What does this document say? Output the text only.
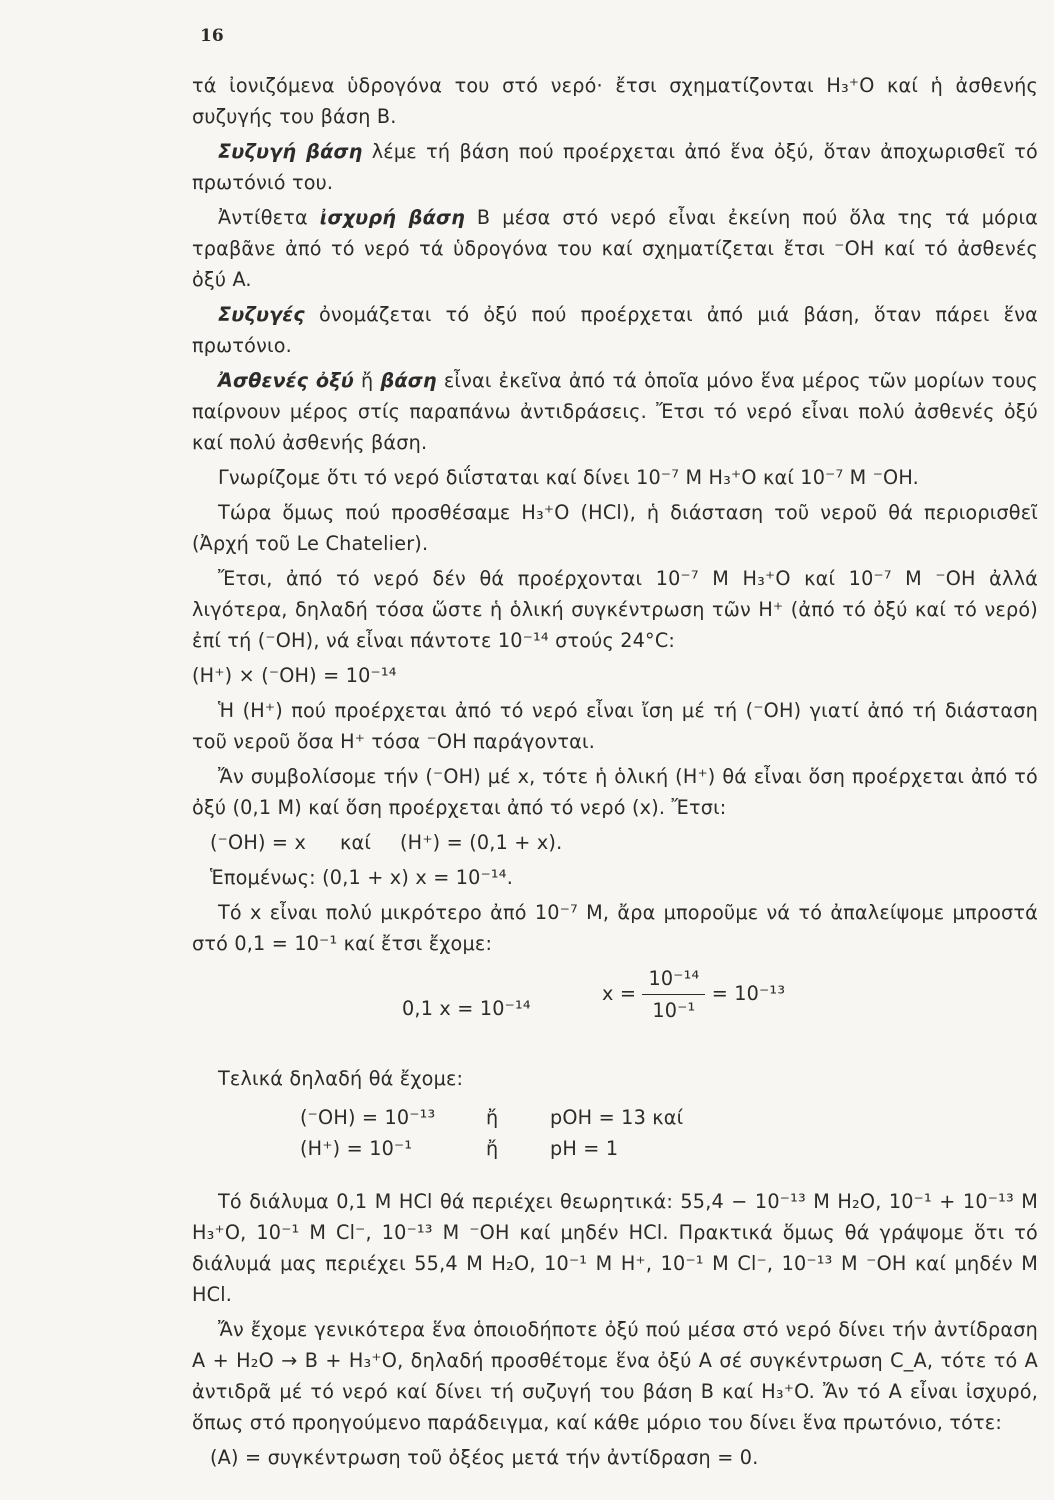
16

τά ἰονιζόμενα ὑδρογόνα του στό νερό· ἔτσι σχηματίζονται H₃⁺O καί ἡ ἀσθενής συζυγής του βάση B.

Συζυγή βάση λέμε τή βάση πού προέρχεται ἀπό ἕνα ὀξύ, ὅταν ἀποχωρισθεῖ τό πρωτόνιό του.

Ἀντίθετα ἰσχυρή βάση B μέσα στό νερό εἶναι ἐκείνη πού ὅλα της τά μόρια τραβᾶνε ἀπό τό νερό τά ὑδρογόνα του καί σχηματίζεται ἔτσι ⁻OH καί τό ἀσθενές ὀξύ A.

Συζυγές ὀνομάζεται τό ὀξύ πού προέρχεται ἀπό μιά βάση, ὅταν πάρει ἕνα πρωτόνιο.

Ἀσθενές ὀξύ ἤ βάση εἶναι ἐκεῖνα ἀπό τά ὁποῖα μόνο ἕνα μέρος τῶν μορίων τους παίρνουν μέρος στίς παραπάνω ἀντιδράσεις. Ἔτσι τό νερό εἶναι πολύ ἀσθενές ὀξύ καί πολύ ἀσθενής βάση.

Γνωρίζομε ὅτι τό νερό διΐσταται καί δίνει 10⁻⁷ M H₃⁺O καί 10⁻⁷ M ⁻OH.

Τώρα ὅμως πού προσθέσαμε H₃⁺O (HCl), ἡ διάσταση τοῦ νεροῦ θά περιορισθεῖ (Ἀρχή τοῦ Le Chatelier).

Ἔτσι, ἀπό τό νερό δέν θά προέρχονται 10⁻⁷ M H₃⁺O καί 10⁻⁷ M ⁻OH ἀλλά λιγότερα, δηλαδή τόσα ὥστε ἡ ὁλική συγκέντρωση τῶν H⁺ (ἀπό τό ὀξύ καί τό νερό) ἐπί τή (⁻OH), νά εἶναι πάντοτε 10⁻¹⁴ στούς 24°C:

(H⁺) × (⁻OH) = 10⁻¹⁴

Ἡ (H⁺) πού προέρχεται ἀπό τό νερό εἶναι ἴση μέ τή (⁻OH) γιατί ἀπό τή διάσταση τοῦ νεροῦ ὅσα H⁺ τόσα ⁻OH παράγονται.

Ἄν συμβολίσομε τήν (⁻OH) μέ x, τότε ἡ ὁλική (H⁺) θά εἶναι ὅση προέρχεται ἀπό τό ὀξύ (0,1 M) καί ὅση προέρχεται ἀπό τό νερό (x). Ἔτσι:

(⁻OH) = x καί (H⁺) = (0,1 + x).

Ἑπομένως: (0,1 + x) x = 10⁻¹⁴.

Τό x εἶναι πολύ μικρότερο ἀπό 10⁻⁷ M, ἄρα μποροῦμε νά τό ἀπαλείψομε μπροστά στό 0,1 = 10⁻¹ καί ἔτσι ἔχομε:

0,1 x = 10⁻¹⁴
$x = \frac{\text{10⁻¹⁴}}{\text{10⁻¹}} = 10^{-13}$

Τελικά δηλαδή θά ἔχομε:

(⁻OH) = 10⁻¹³	ἤ	pOH = 13 καί
(H⁺) = 10⁻¹	ἤ	pH = 1

Τό διάλυμα 0,1 M HCl θά περιέχει θεωρητικά: 55,4 − 10⁻¹³ M H₂O, 10⁻¹ + 10⁻¹³ M H₃⁺O, 10⁻¹ M Cl⁻, 10⁻¹³ M ⁻OH καί μηδέν HCl. Πρακτικά ὅμως θά γράψομε ὅτι τό διάλυμά μας περιέχει 55,4 M H₂O, 10⁻¹ M H⁺, 10⁻¹ M Cl⁻, 10⁻¹³ M ⁻OH καί μηδέν M HCl.

Ἄν ἔχομε γενικότερα ἕνα ὁποιοδήποτε ὀξύ πού μέσα στό νερό δίνει τήν ἀντίδραση A + H₂O → B + H₃⁺O, δηλαδή προσθέτομε ἕνα ὀξύ A σέ συγκέντρωση C_A, τότε τό A ἀντιδρᾶ μέ τό νερό καί δίνει τή συζυγή του βάση B καί H₃⁺O. Ἄν τό A εἶναι ἰσχυρό, ὅπως στό προηγούμενο παράδειγμα, καί κάθε μόριο του δίνει ἕνα πρωτόνιο, τότε:

(A) = συγκέντρωση τοῦ ὀξέος μετά τήν ἀντίδραση = 0.
